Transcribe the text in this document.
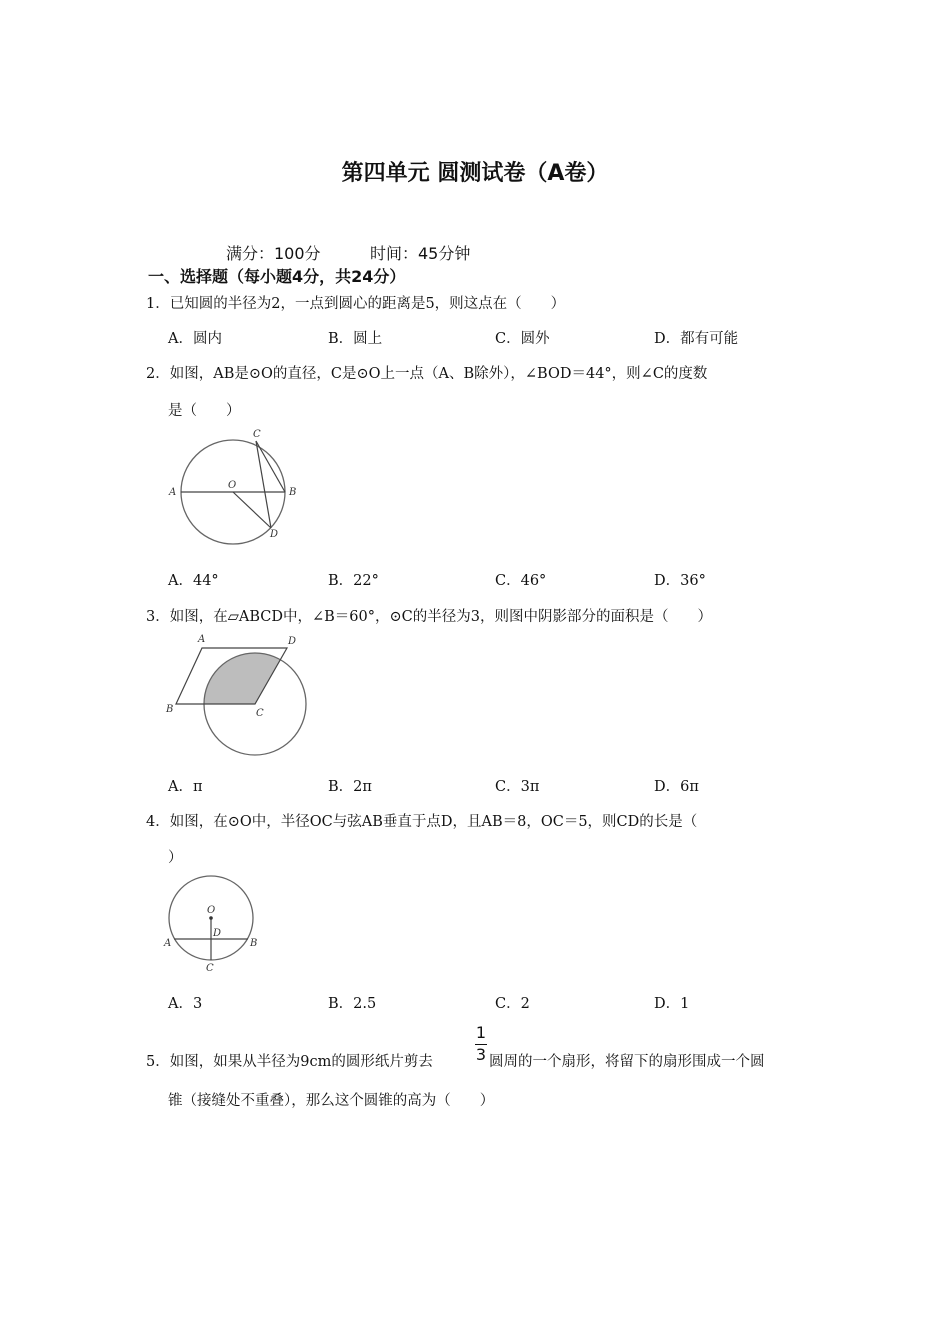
第四单元 圆测试卷（A卷）
满分：100分	时间：45分钟
一、选择题（每小题4分，共24分）
1．已知圆的半径为2，一点到圆心的距离是5，则这点在（　　）
A．圆内	B．圆上	C．圆外	D．都有可能
2．如图，AB是⊙O的直径，C是⊙O上一点（A、B除外），∠BOD＝44°，则∠C的度数
是（　　）
A
O
B
C
D
A．44°	B．22°	C．46°	D．36°
3．如图，在▱ABCD中，∠B＝60°，⊙C的半径为3，则图中阴影部分的面积是（　　）
A	D
B	C
A．π	B．2π	C．3π	D．6π
4．如图，在⊙O中，半径OC与弦AB垂直于点D，且AB＝8，OC＝5，则CD的长是（
）
O
D
A	B
C
A．3	B．2.5	C．2	D．1
5．如图，如果从半径为9cm的圆形纸片剪去
1
3 圆周的一个扇形，将留下的扇形围成一个圆
锥（接缝处不重叠），那么这个圆锥的高为（　　）
